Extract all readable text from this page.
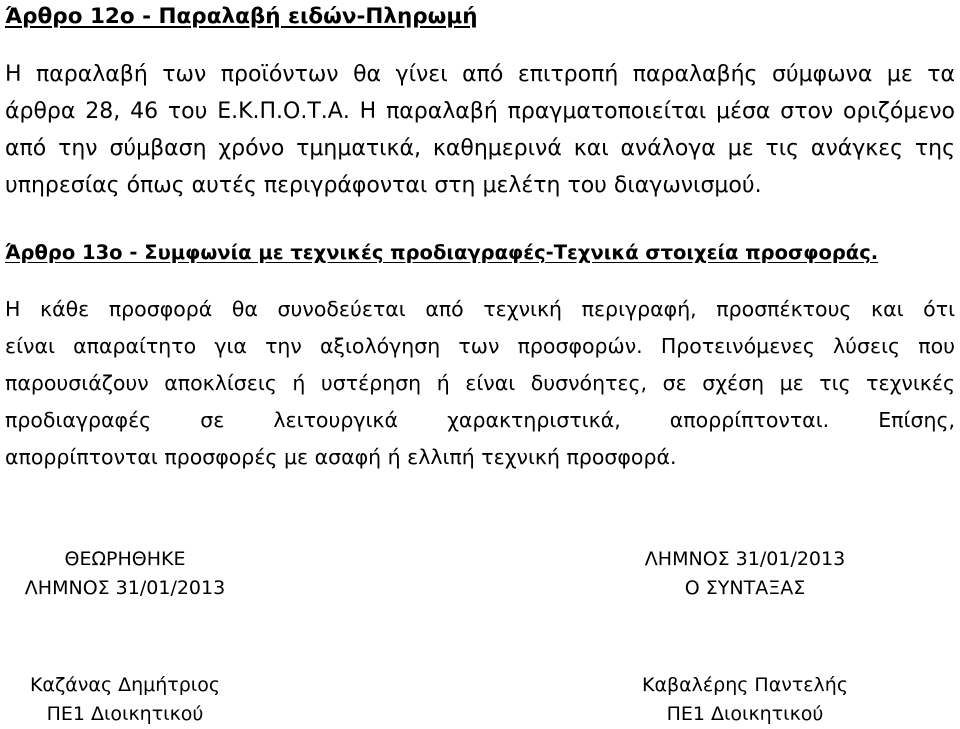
Άρθρο 12ο - Παραλαβή ειδών-Πληρωμή

Η παραλαβή των προϊόντων θα γίνει από επιτροπή παραλαβής σύμφωνα με τα
άρθρα 28, 46 του Ε.Κ.Π.Ο.Τ.Α. Η παραλαβή πραγματοποιείται μέσα στον οριζόμενο
από την σύμβαση χρόνο τμηματικά, καθημερινά και ανάλογα με τις ανάγκες της
υπηρεσίας όπως αυτές περιγράφονται στη μελέτη του διαγωνισμού.

Άρθρο 13ο - Συμφωνία με τεχνικές προδιαγραφές-Τεχνικά στοιχεία προσφοράς.

Η κάθε προσφορά θα συνοδεύεται από τεχνική περιγραφή, προσπέκτους και ότι
είναι απαραίτητο για την αξιολόγηση των προσφορών. Προτεινόμενες λύσεις που
παρουσιάζουν αποκλίσεις ή υστέρηση ή είναι δυσνόητες, σε σχέση με τις τεχνικές
προδιαγραφές σε λειτουργικά χαρακτηριστικά, απορρίπτονται. Επίσης,
απορρίπτονται προσφορές με ασαφή ή ελλιπή τεχνική προσφορά.

ΘΕΩΡΗΘΗΚΕ
ΛΗΜΝΟΣ 31/01/2013
ΛΗΜΝΟΣ 31/01/2013
Ο ΣΥΝΤΑΞΑΣ
Καζάνας Δημήτριος
ΠΕ1 Διοικητικού
Καβαλέρης Παντελής
ΠΕ1 Διοικητικού
